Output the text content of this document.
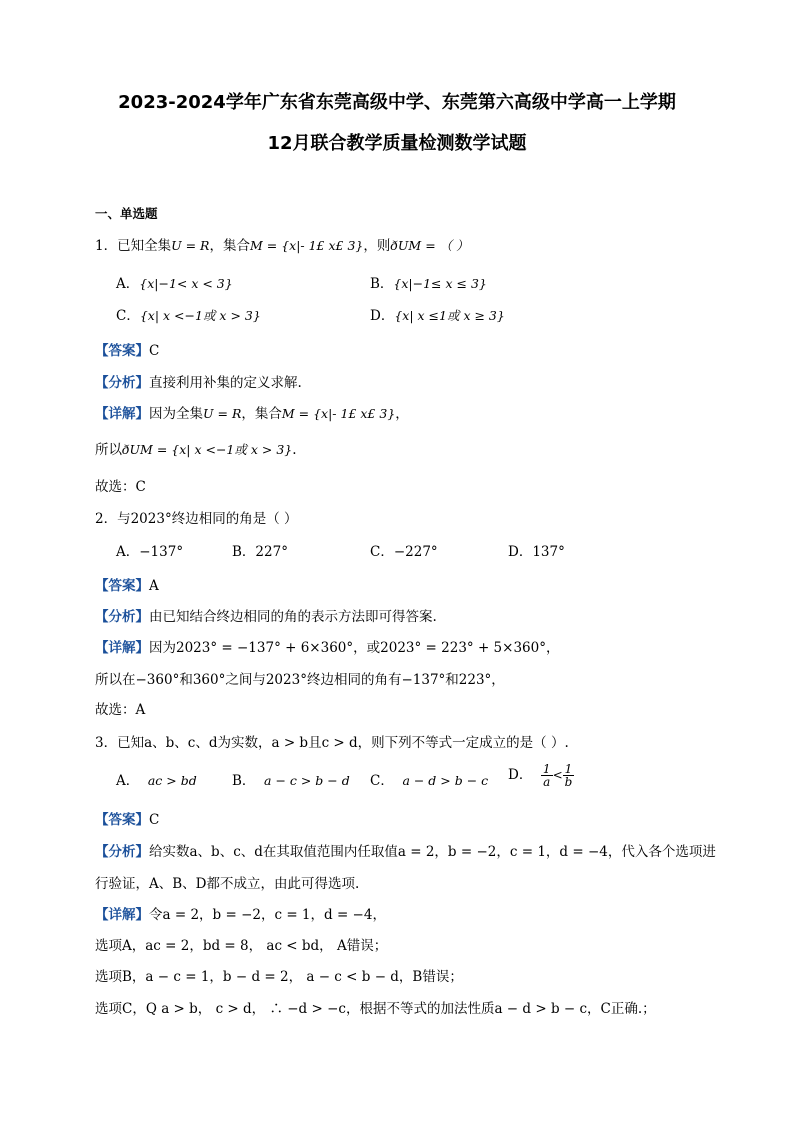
2023-2024学年广东省东莞高级中学、东莞第六高级中学高一上学期
12月联合教学质量检测数学试题
一、单选题
1．已知全集U = R，集合M = {x|- 1£ x£ 3}，则ðUM = （ ）
A．{x|−1< x < 3}	B．{x|−1≤ x ≤ 3}
C．{x| x <−1或 x > 3}	D．{x| x ≤1或 x ≥ 3}
【答案】C
【分析】直接利用补集的定义求解.
【详解】因为全集U = R，集合M = {x|- 1£ x£ 3}，
所以ðUM = {x| x <−1或 x > 3}.
故选：C
2．与2023°终边相同的角是（ ）
A．−137°	B．227°	C．−227°	D．137°
【答案】A
【分析】由已知结合终边相同的角的表示方法即可得答案.
【详解】因为2023° = −137° + 6×360°，或2023° = 223° + 5×360°，
所以在−360°和360°之间与2023°终边相同的角有−137°和223°，
故选：A
3．已知a、b、c、d为实数，a > b且c > d，则下列不等式一定成立的是（ ）.
A． ac > bd	B． a − c > b − d C． a − d > b − c D． $\frac{1}{a} < \frac{1}{b}$
【答案】C
【分析】给实数a、b、c、d在其取值范围内任取值a = 2，b = −2，c = 1，d = −4，代入各个选项进
行验证，A、B、D都不成立，由此可得选项.
【详解】令a = 2，b = −2，c = 1，d = −4，
选项A，ac = 2，bd = 8， ac < bd， A错误；
选项B，a − c = 1，b − d = 2， a − c < b − d，B错误；
选项C，Q a > b， c > d， ∴ −d > −c，根据不等式的加法性质a − d > b − c，C正确.；
